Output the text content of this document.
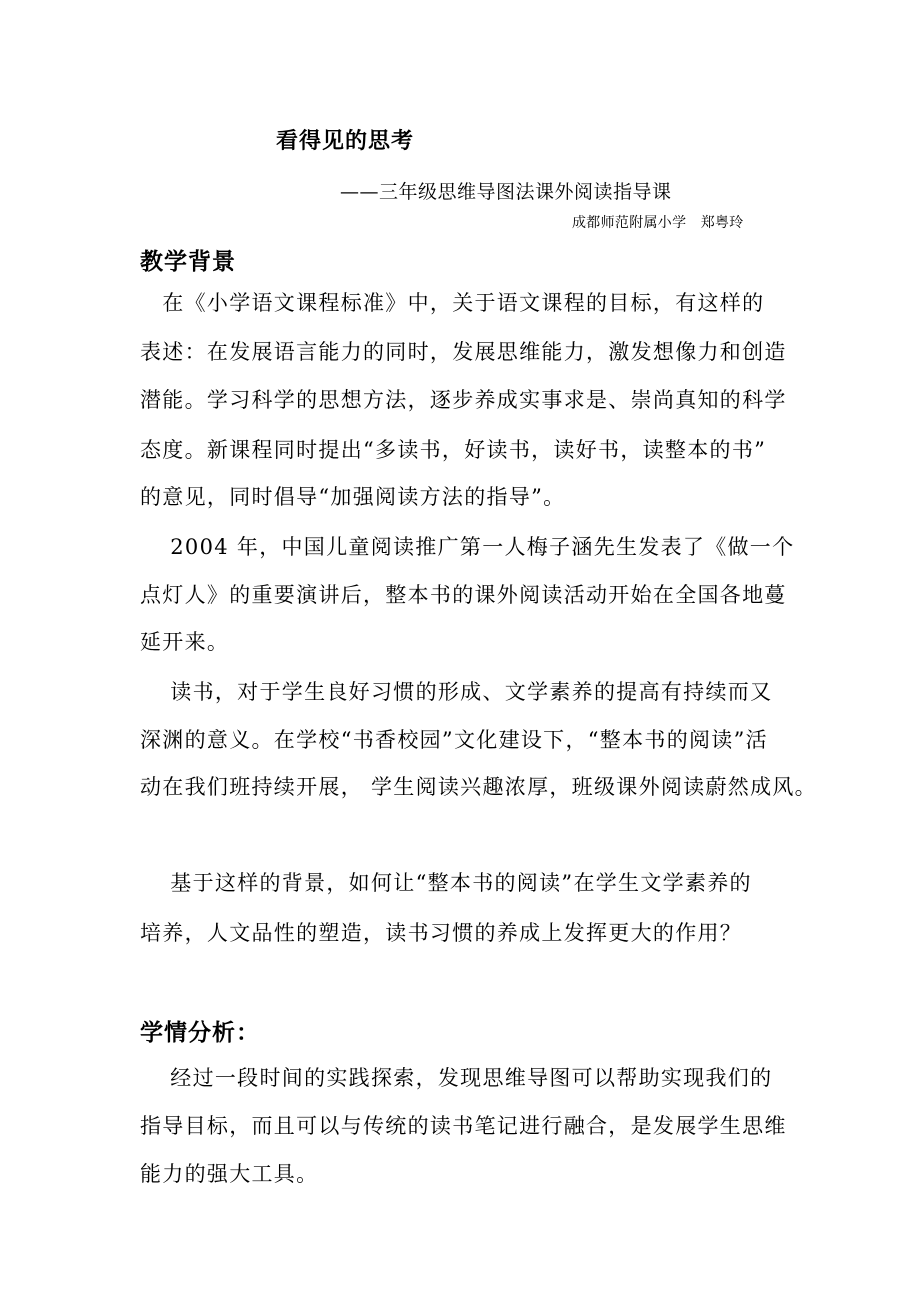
看得见的思考
——三年级思维导图法课外阅读指导课
成都师范附属小学　郑粤玲
教学背景
　在《小学语文课程标准》中，关于语文课程的目标，有这样的
表述：在发展语言能力的同时，发展思维能力，激发想像力和创造
潜能。学习科学的思想方法，逐步养成实事求是、崇尚真知的科学
态度。新课程同时提出“多读书，好读书，读好书，读整本的书”
的意见，同时倡导“加强阅读方法的指导”。
　 2004 年，中国儿童阅读推广第一人梅子涵先生发表了《做一个
点灯人》的重要演讲后，整本书的课外阅读活动开始在全国各地蔓
延开来。
　 读书，对于学生良好习惯的形成、文学素养的提高有持续而又
深渊的意义。在学校“书香校园”文化建设下，“整本书的阅读”活
动在我们班持续开展， 学生阅读兴趣浓厚，班级课外阅读蔚然成风。
　 基于这样的背景，如何让“整本书的阅读”在学生文学素养的
培养，人文品性的塑造，读书习惯的养成上发挥更大的作用？
学情分析：
　 经过一段时间的实践探索，发现思维导图可以帮助实现我们的
指导目标，而且可以与传统的读书笔记进行融合，是发展学生思维
能力的强大工具。
